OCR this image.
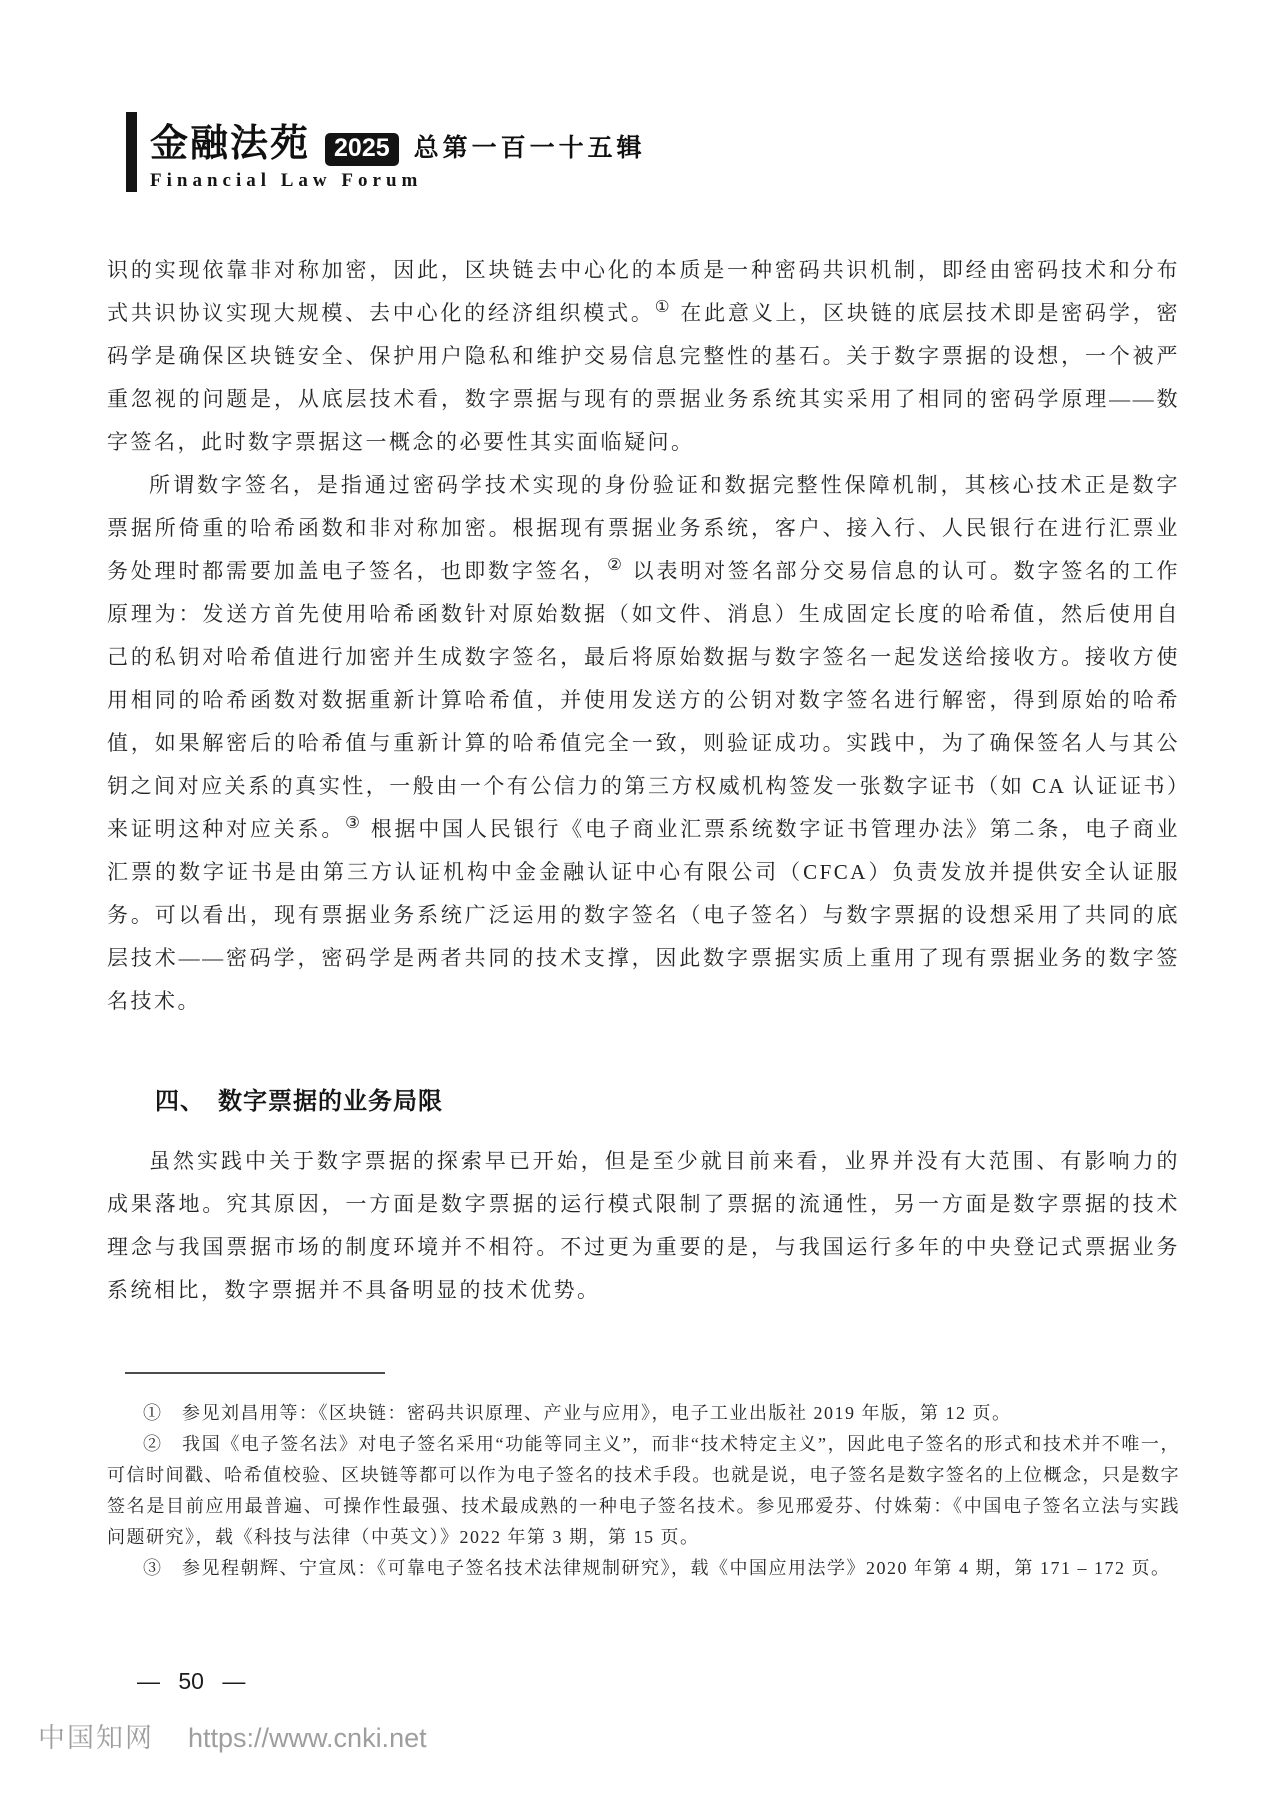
金融法苑 2025 总第一百一十五辑
Financial Law Forum

识的实现依靠非对称加密，因此，区块链去中心化的本质是一种密码共识机制，即经由密码技术和分布式共识协议实现大规模、去中心化的经济组织模式。① 在此意义上，区块链的底层技术即是密码学，密码学是确保区块链安全、保护用户隐私和维护交易信息完整性的基石。关于数字票据的设想，一个被严重忽视的问题是，从底层技术看，数字票据与现有的票据业务系统其实采用了相同的密码学原理——数字签名，此时数字票据这一概念的必要性其实面临疑问。

所谓数字签名，是指通过密码学技术实现的身份验证和数据完整性保障机制，其核心技术正是数字票据所倚重的哈希函数和非对称加密。根据现有票据业务系统，客户、接入行、人民银行在进行汇票业务处理时都需要加盖电子签名，也即数字签名，② 以表明对签名部分交易信息的认可。数字签名的工作原理为：发送方首先使用哈希函数针对原始数据（如文件、消息）生成固定长度的哈希值，然后使用自己的私钥对哈希值进行加密并生成数字签名，最后将原始数据与数字签名一起发送给接收方。接收方使用相同的哈希函数对数据重新计算哈希值，并使用发送方的公钥对数字签名进行解密，得到原始的哈希值，如果解密后的哈希值与重新计算的哈希值完全一致，则验证成功。实践中，为了确保签名人与其公钥之间对应关系的真实性，一般由一个有公信力的第三方权威机构签发一张数字证书（如 CA 认证证书）来证明这种对应关系。③ 根据中国人民银行《电子商业汇票系统数字证书管理办法》第二条，电子商业汇票的数字证书是由第三方认证机构中金金融认证中心有限公司（CFCA）负责发放并提供安全认证服务。可以看出，现有票据业务系统广泛运用的数字签名（电子签名）与数字票据的设想采用了共同的底层技术——密码学，密码学是两者共同的技术支撑，因此数字票据实质上重用了现有票据业务的数字签名技术。

四、　数字票据的业务局限

虽然实践中关于数字票据的探索早已开始，但是至少就目前来看，业界并没有大范围、有影响力的成果落地。究其原因，一方面是数字票据的运行模式限制了票据的流通性，另一方面是数字票据的技术理念与我国票据市场的制度环境并不相符。不过更为重要的是，与我国运行多年的中央登记式票据业务系统相比，数字票据并不具备明显的技术优势。

①　参见刘昌用等：《区块链：密码共识原理、产业与应用》，电子工业出版社 2019 年版，第 12 页。

②　我国《电子签名法》对电子签名采用“功能等同主义”，而非“技术特定主义”，因此电子签名的形式和技术并不唯一，可信时间戳、哈希值校验、区块链等都可以作为电子签名的技术手段。也就是说，电子签名是数字签名的上位概念，只是数字签名是目前应用最普遍、可操作性最强、技术最成熟的一种电子签名技术。参见邢爱芬、付姝菊：《中国电子签名立法与实践问题研究》，载《科技与法律（中英文）》2022 年第 3 期，第 15 页。

③　参见程朝辉、宁宣凤：《可靠电子签名技术法律规制研究》，载《中国应用法学》2020 年第 4 期，第 171 – 172 页。

— 50 —
中国知网 https://www.cnki.net
